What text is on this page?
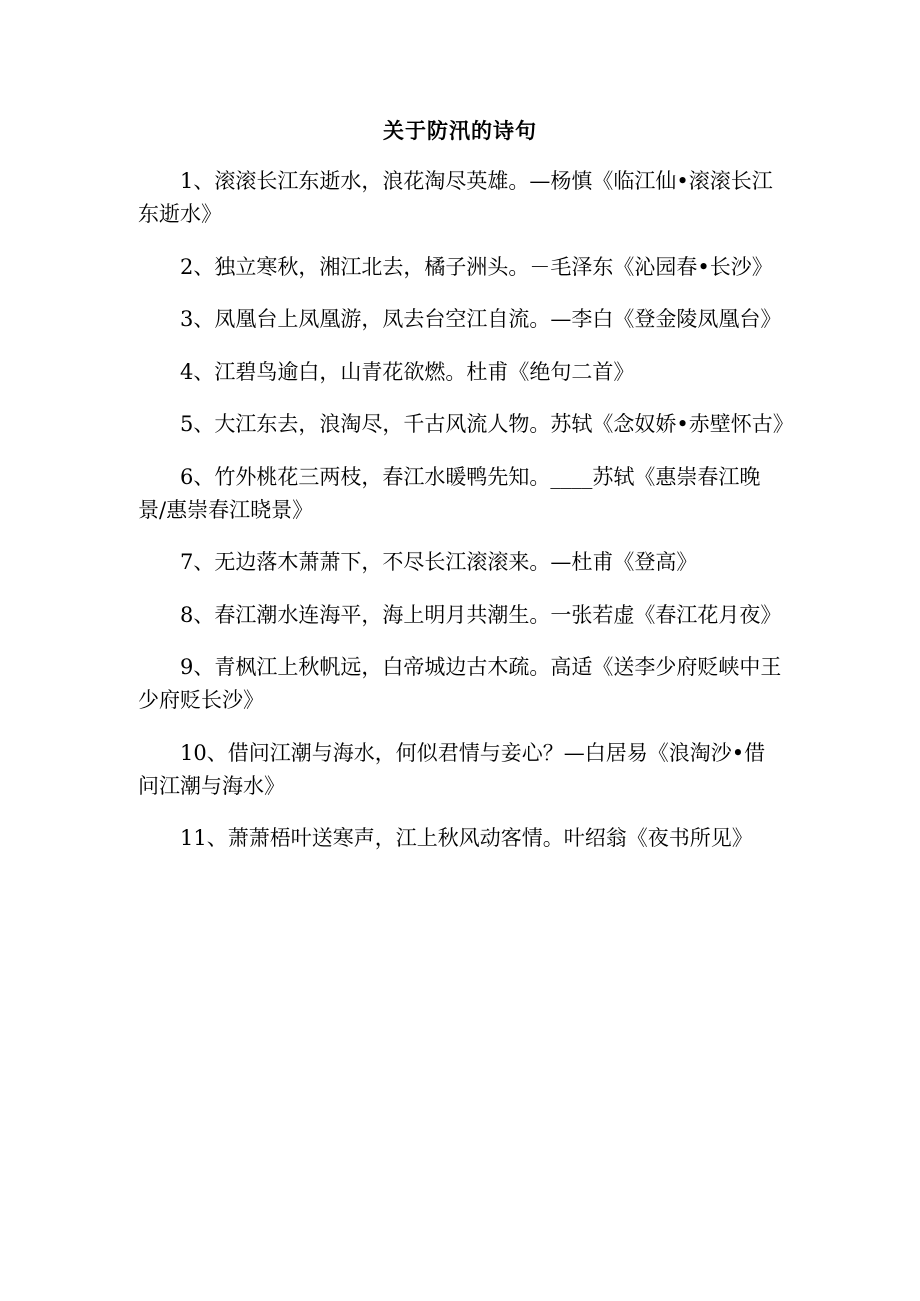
关于防汛的诗句
1、滚滚长江东逝水，浪花淘尽英雄。—杨慎《临江仙•滚滚长江东逝水》
2、独立寒秋，湘江北去，橘子洲头。－毛泽东《沁园春•长沙》
3、凤凰台上凤凰游，凤去台空江自流。—李白《登金陵凤凰台》
4、江碧鸟逾白，山青花欲燃。杜甫《绝句二首》
5、大江东去，浪淘尽，千古风流人物。苏轼《念奴娇•赤壁怀古》
6、竹外桃花三两枝，春江水暖鸭先知。____苏轼《惠崇春江晚景/惠崇春江晓景》
7、无边落木萧萧下，不尽长江滚滚来。—杜甫《登高》
8、春江潮水连海平，海上明月共潮生。一张若虚《春江花月夜》
9、青枫江上秋帆远，白帝城边古木疏。高适《送李少府贬峡中王少府贬长沙》
10、借问江潮与海水，何似君情与妾心？—白居易《浪淘沙•借问江潮与海水》
11、萧萧梧叶送寒声，江上秋风动客情。叶绍翁《夜书所见》
